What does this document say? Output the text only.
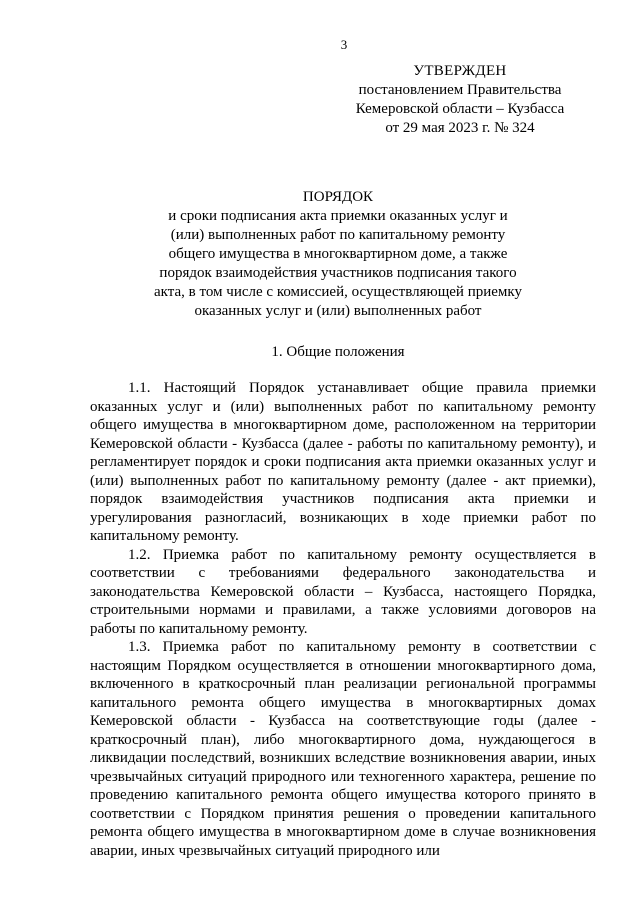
3
УТВЕРЖДЕН
постановлением Правительства
Кемеровской области – Кузбасса
от 29 мая 2023 г. № 324
ПОРЯДОК
и сроки подписания акта приемки оказанных услуг и
(или) выполненных работ по капитальному ремонту
общего имущества в многоквартирном доме, а также
порядок взаимодействия участников подписания такого
акта, в том числе с комиссией, осуществляющей приемку
оказанных услуг и (или) выполненных работ
1. Общие положения

1.1. Настоящий Порядок устанавливает общие правила приемки оказанных услуг и (или) выполненных работ по капитальному ремонту общего имущества в многоквартирном доме, расположенном на территории Кемеровской области - Кузбасса (далее - работы по капитальному ремонту), и регламентирует порядок и сроки подписания акта приемки оказанных услуг и (или) выполненных работ по капитальному ремонту (далее - акт приемки), порядок взаимодействия участников подписания акта приемки и урегулирования разногласий, возникающих в ходе приемки работ по капитальному ремонту.

1.2. Приемка работ по капитальному ремонту осуществляется в соответствии с требованиями федерального законодательства и законодательства Кемеровской области – Кузбасса, настоящего Порядка, строительными нормами и правилами, а также условиями договоров на работы по капитальному ремонту.

1.3. Приемка работ по капитальному ремонту в соответствии с настоящим Порядком осуществляется в отношении многоквартирного дома, включенного в краткосрочный план реализации региональной программы капитального ремонта общего имущества в многоквартирных домах Кемеровской области - Кузбасса на соответствующие годы (далее - краткосрочный план), либо многоквартирного дома, нуждающегося в ликвидации последствий, возникших вследствие возникновения аварии, иных чрезвычайных ситуаций природного или техногенного характера, решение по проведению капитального ремонта общего имущества которого принято в соответствии с Порядком принятия решения о проведении капитального ремонта общего имущества в многоквартирном доме в случае возникновения аварии, иных чрезвычайных ситуаций природного или
